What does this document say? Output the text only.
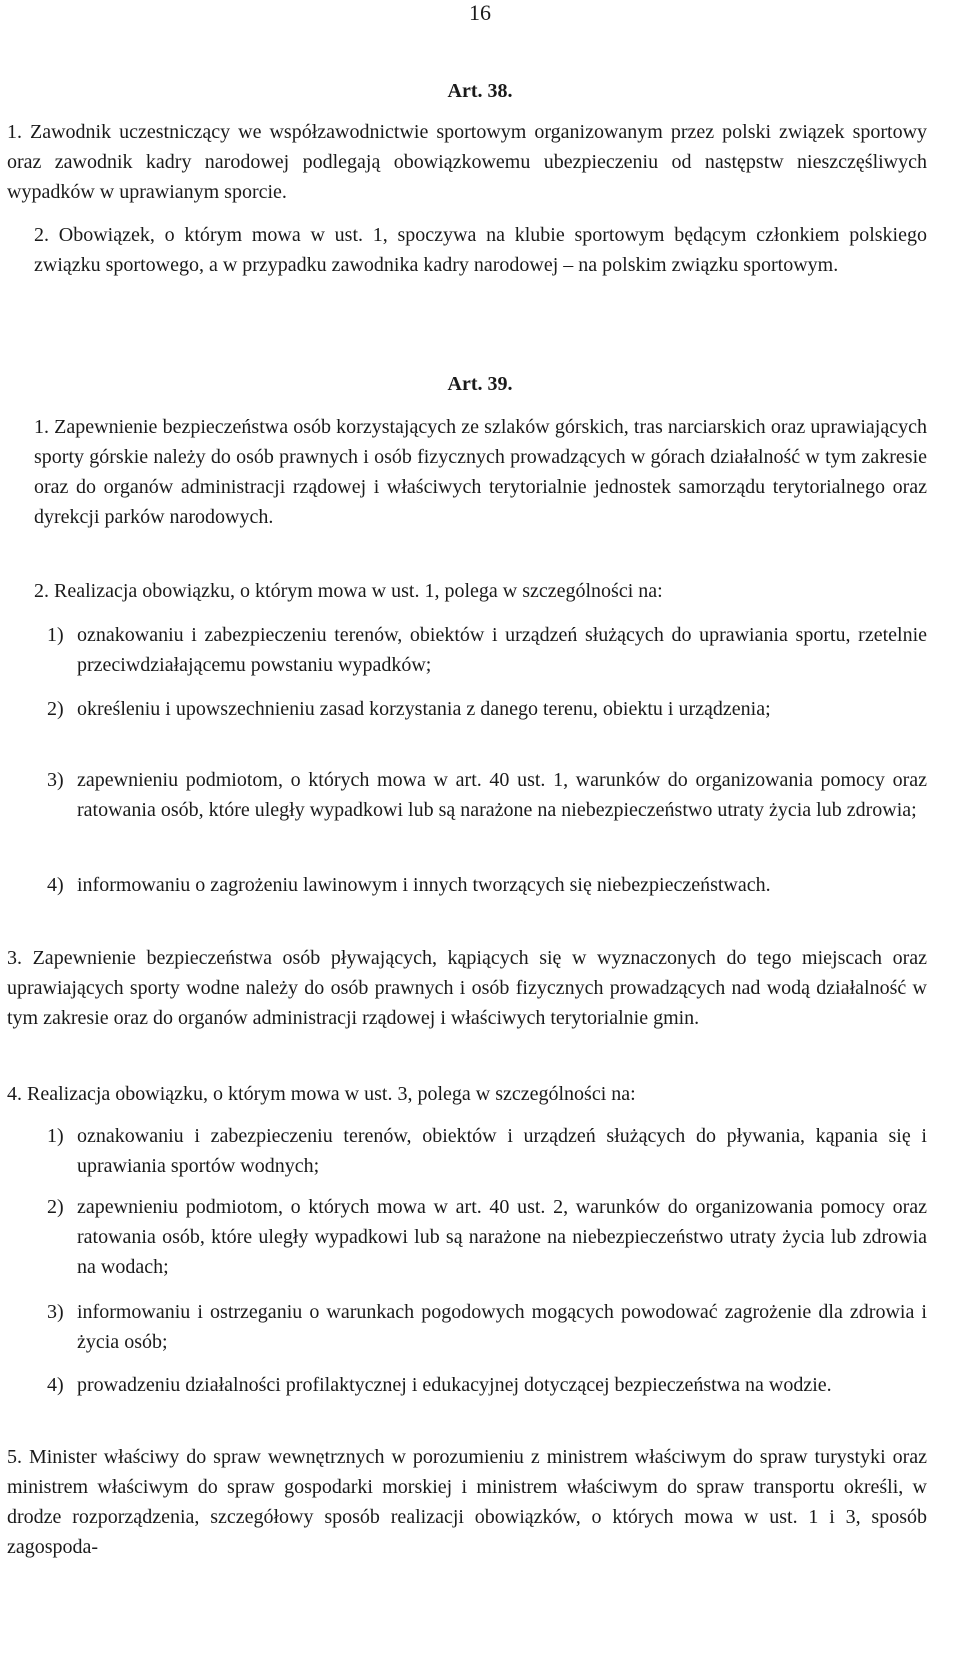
16
Art. 38.
1. Zawodnik uczestniczący we współzawodnictwie sportowym organizowanym przez polski związek sportowy oraz zawodnik kadry narodowej podlegają obowiązkowemu ubezpieczeniu od następstw nieszczęśliwych wypadków w uprawianym sporcie.
2. Obowiązek, o którym mowa w ust. 1, spoczywa na klubie sportowym będącym członkiem polskiego związku sportowego, a w przypadku zawodnika kadry narodowej – na polskim związku sportowym.
Art. 39.
1. Zapewnienie bezpieczeństwa osób korzystających ze szlaków górskich, tras narciarskich oraz uprawiających sporty górskie należy do osób prawnych i osób fizycznych prowadzących w górach działalność w tym zakresie oraz do organów administracji rządowej i właściwych terytorialnie jednostek samorządu terytorialnego oraz dyrekcji parków narodowych.
2. Realizacja obowiązku, o którym mowa w ust. 1, polega w szczególności na:
1) oznakowaniu i zabezpieczeniu terenów, obiektów i urządzeń służących do uprawiania sportu, rzetelnie przeciwdziałającemu powstaniu wypadków;
2) określeniu i upowszechnieniu zasad korzystania z danego terenu, obiektu i urządzenia;
3) zapewnieniu podmiotom, o których mowa w art. 40 ust. 1, warunków do organizowania pomocy oraz ratowania osób, które uległy wypadkowi lub są narażone na niebezpieczeństwo utraty życia lub zdrowia;
4) informowaniu o zagrożeniu lawinowym i innych tworzących się niebezpieczeństwach.
3. Zapewnienie bezpieczeństwa osób pływających, kąpiących się w wyznaczonych do tego miejscach oraz uprawiających sporty wodne należy do osób prawnych i osób fizycznych prowadzących nad wodą działalność w tym zakresie oraz do organów administracji rządowej i właściwych terytorialnie gmin.
4. Realizacja obowiązku, o którym mowa w ust. 3, polega w szczególności na:
1) oznakowaniu i zabezpieczeniu terenów, obiektów i urządzeń służących do pływania, kąpania się i uprawiania sportów wodnych;
2) zapewnieniu podmiotom, o których mowa w art. 40 ust. 2, warunków do organizowania pomocy oraz ratowania osób, które uległy wypadkowi lub są narażone na niebezpieczeństwo utraty życia lub zdrowia na wodach;
3) informowaniu i ostrzeganiu o warunkach pogodowych mogących powodować zagrożenie dla zdrowia i życia osób;
4) prowadzeniu działalności profilaktycznej i edukacyjnej dotyczącej bezpieczeństwa na wodzie.
5. Minister właściwy do spraw wewnętrznych w porozumieniu z ministrem właściwym do spraw turystyki oraz ministrem właściwym do spraw gospodarki morskiej i ministrem właściwym do spraw transportu określi, w drodze rozporządzenia, szczegółowy sposób realizacji obowiązków, o których mowa w ust. 1 i 3, sposób zagospoda-
